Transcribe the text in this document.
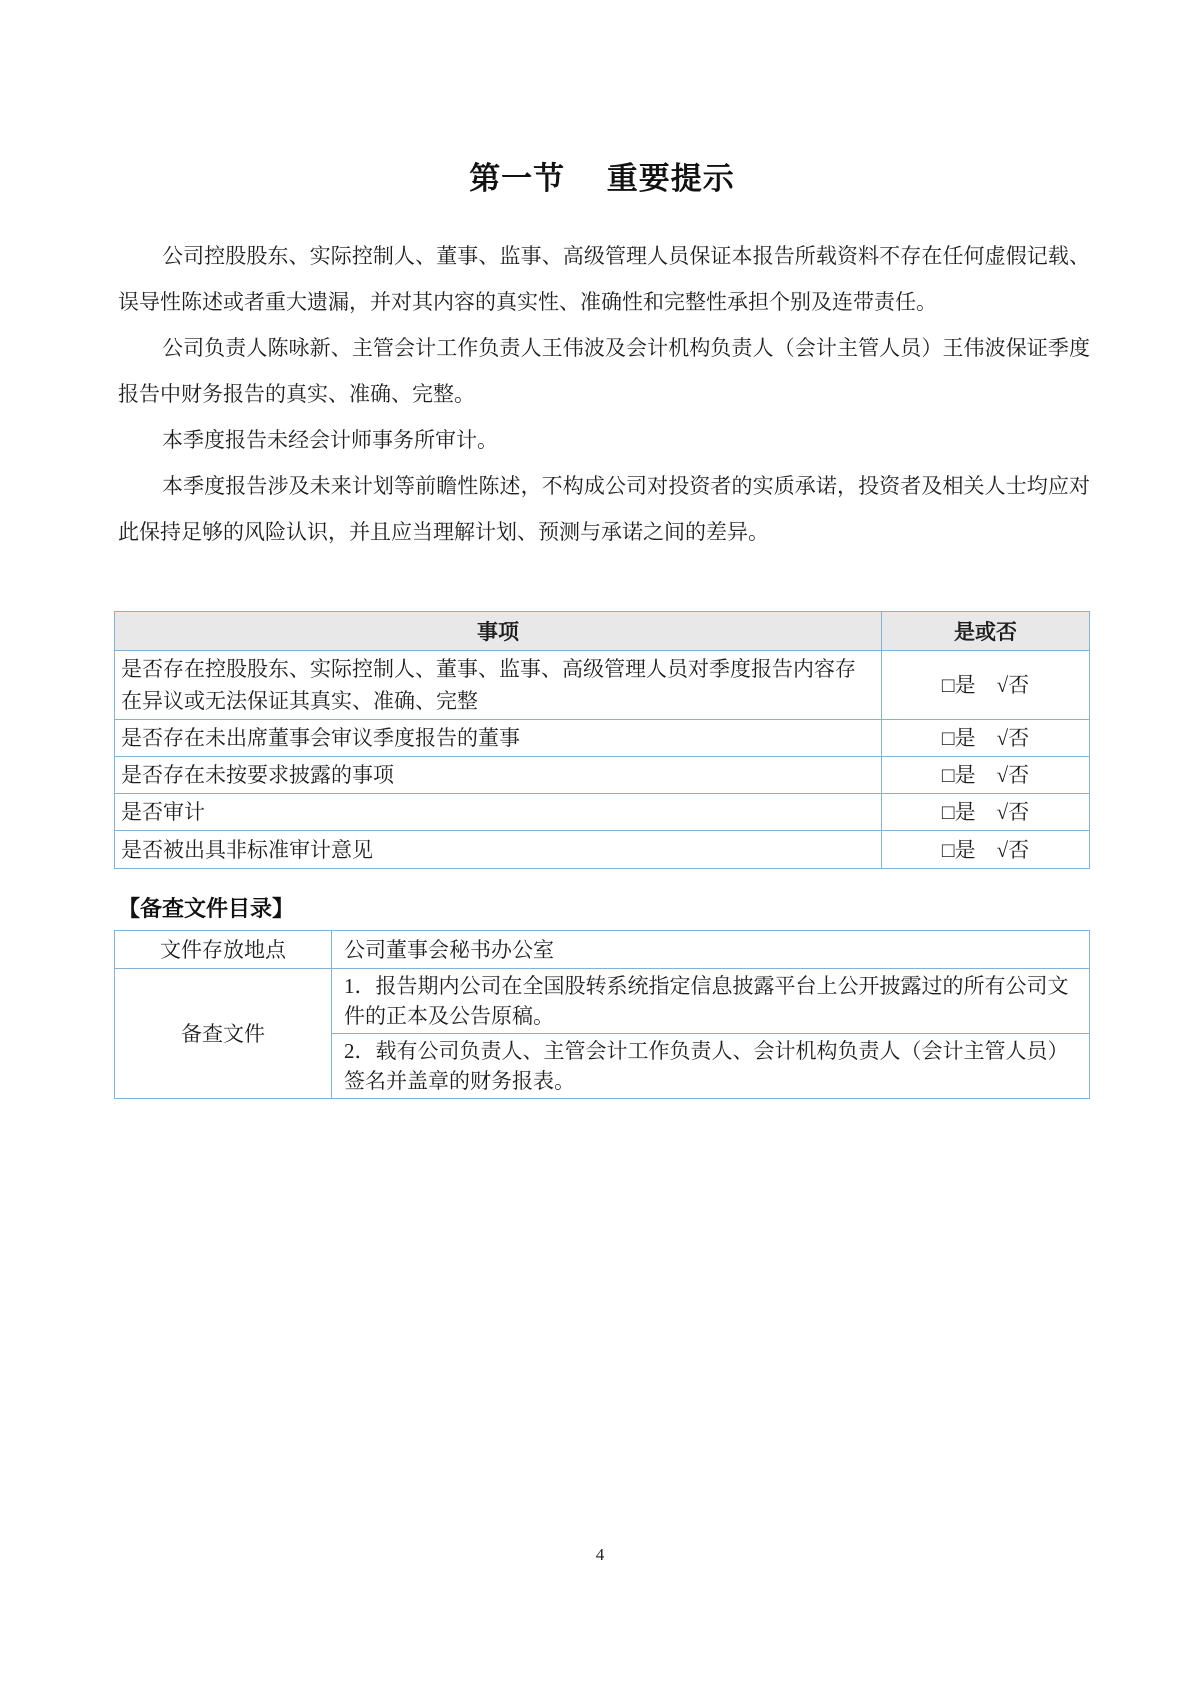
第一节　 重要提示

公司控股股东、实际控制人、董事、监事、高级管理人员保证本报告所载资料不存在任何虚假记载、误导性陈述或者重大遗漏，并对其内容的真实性、准确性和完整性承担个别及连带责任。

公司负责人陈咏新、主管会计工作负责人王伟波及会计机构负责人（会计主管人员）王伟波保证季度报告中财务报告的真实、准确、完整。

本季度报告未经会计师事务所审计。

本季度报告涉及未来计划等前瞻性陈述，不构成公司对投资者的实质承诺，投资者及相关人士均应对此保持足够的风险认识，并且应当理解计划、预测与承诺之间的差异。

事项	是或否
是否存在控股股东、实际控制人、董事、监事、高级管理人员对季度报告内容存在异议或无法保证其真实、准确、完整	□是　√否
是否存在未出席董事会审议季度报告的董事	□是　√否
是否存在未按要求披露的事项	□是　√否
是否审计	□是　√否
是否被出具非标准审计意见	□是　√否
【备查文件目录】
文件存放地点	公司董事会秘书办公室
备查文件	1．报告期内公司在全国股转系统指定信息披露平台上公开披露过的所有公司文件的正本及公告原稿。
	2．载有公司负责人、主管会计工作负责人、会计机构负责人（会计主管人员）签名并盖章的财务报表。
4
